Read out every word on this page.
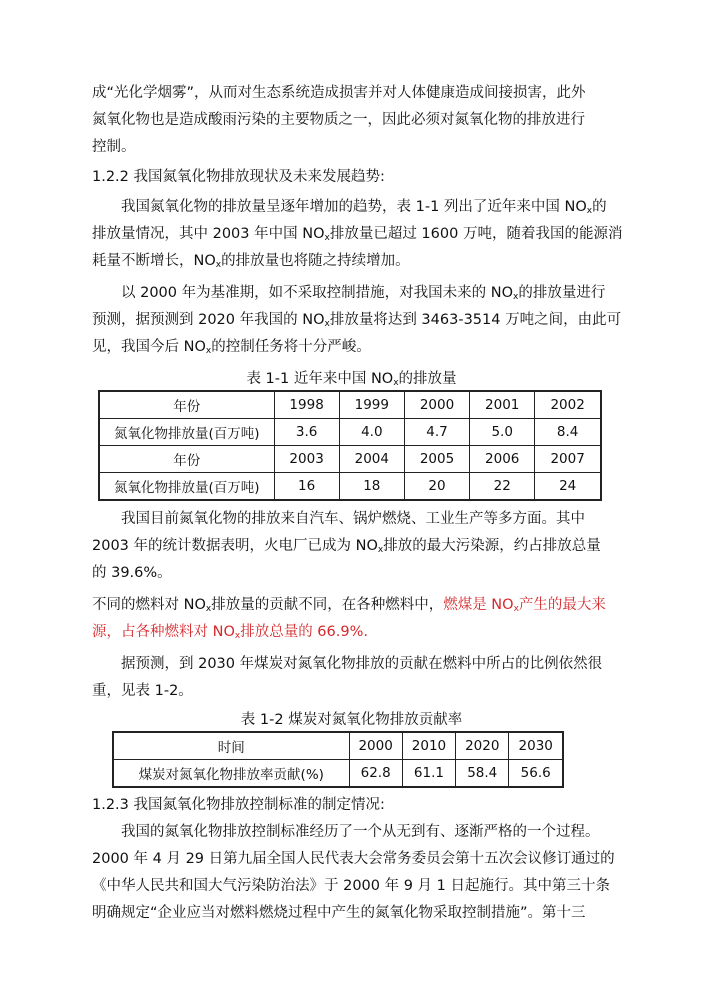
成“光化学烟雾”，从而对生态系统造成损害并对人体健康造成间接损害，此外
氮氧化物也是造成酸雨污染的主要物质之一，因此必须对氮氧化物的排放进行
控制。
1.2.2 我国氮氧化物排放现状及未来发展趋势:
我国氮氧化物的排放量呈逐年增加的趋势，表 1-1 列出了近年来中国 $NO_x$的
排放量情况，其中 2003 年中国 $NO_x$排放量已超过 1600 万吨，随着我国的能源消
耗量不断增长，$NO_x$的排放量也将随之持续增加。
以 2000 年为基准期，如不采取控制措施，对我国未来的 $NO_x$的排放量进行
预测，据预测到 2020 年我国的 $NO_x$排放量将达到 3463-3514 万吨之间，由此可
见，我国今后 $NO_x$的控制任务将十分严峻。
表 1-1 近年来中国 $NO_x$的排放量
年份	1998	1999	2000	2001	2002
氮氧化物排放量(百万吨)	3.6	4.0	4.7	5.0	8.4
年份	2003	2004	2005	2006	2007
氮氧化物排放量(百万吨)	16	18	20	22	24
我国目前氮氧化物的排放来自汽车、锅炉燃烧、工业生产等多方面。其中
2003 年的统计数据表明，火电厂已成为 $NO_x$排放的最大污染源，约占排放总量
的 39.6%。
不同的燃料对 $NO_x$排放量的贡献不同，在各种燃料中，燃煤是 $NO_x$产生的最大来
源，占各种燃料对 $NO_x$排放总量的 66.9%.
据预测，到 2030 年煤炭对氮氧化物排放的贡献在燃料中所占的比例依然很
重，见表 1-2。
表 1-2 煤炭对氮氧化物排放贡献率
时间	2000	2010	2020	2030
煤炭对氮氧化物排放率贡献(%)	62.8	61.1	58.4	56.6
1.2.3 我国氮氧化物排放控制标准的制定情况:
我国的氮氧化物排放控制标准经历了一个从无到有、逐渐严格的一个过程。
2000 年 4 月 29 日第九届全国人民代表大会常务委员会第十五次会议修订通过的
《中华人民共和国大气污染防治法》于 2000 年 9 月 1 日起施行。其中第三十条
明确规定“企业应当对燃料燃烧过程中产生的氮氧化物采取控制措施”。第十三
